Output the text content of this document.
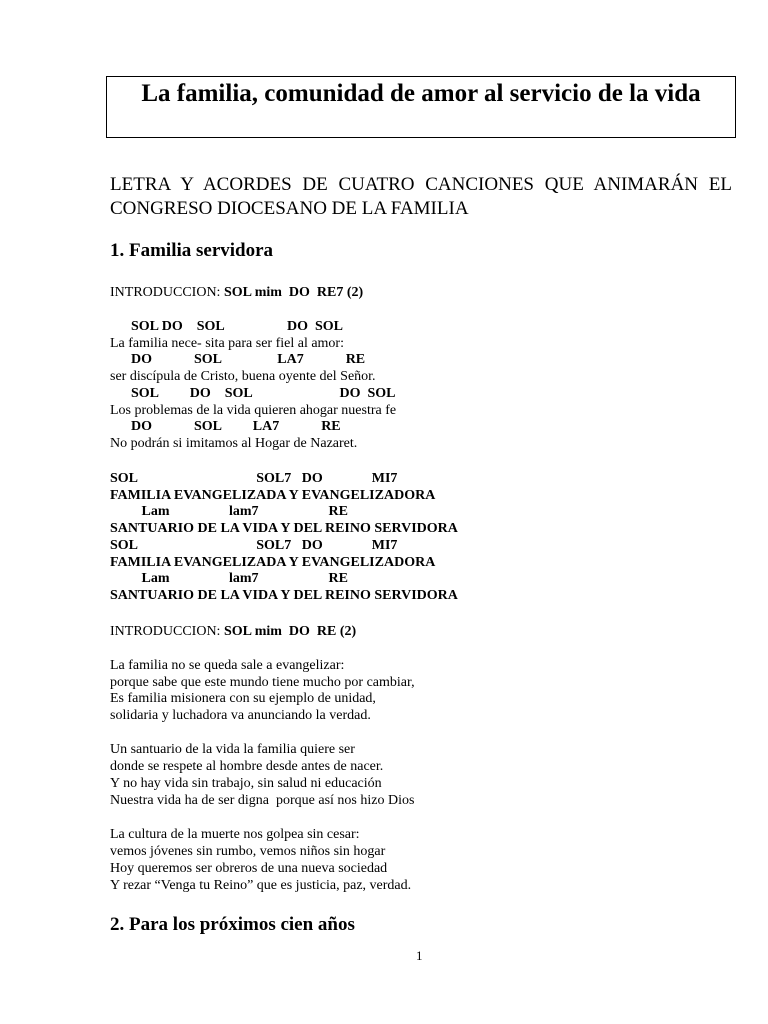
La familia, comunidad de amor al servicio de la vida
LETRA Y ACORDES DE CUATRO CANCIONES QUE ANIMARÁN EL CONGRESO DIOCESANO DE LA FAMILIA
1. Familia servidora
INTRODUCCION: SOL mim  DO  RE7 (2)
SOL DO    SOL                  DO  SOL
La familia nece- sita para ser fiel al amor:
DO            SOL                LA7            RE
ser discípula de Cristo, buena oyente del Señor.
SOL         DO    SOL                         DO  SOL
Los problemas de la vida quieren ahogar nuestra fe
DO            SOL         LA7            RE
No podrán si imitamos al Hogar de Nazaret.
SOL                                  SOL7   DO              MI7
FAMILIA EVANGELIZADA Y EVANGELIZADORA
Lam                 lam7                    RE
SANTUARIO DE LA VIDA Y DEL REINO SERVIDORA
SOL                                  SOL7   DO              MI7
FAMILIA EVANGELIZADA Y EVANGELIZADORA
Lam                 lam7                    RE
SANTUARIO DE LA VIDA Y DEL REINO SERVIDORA
INTRODUCCION: SOL mim  DO  RE (2)
La familia no se queda sale a evangelizar:
porque sabe que este mundo tiene mucho por cambiar,
Es familia misionera con su ejemplo de unidad,
solidaria y luchadora va anunciando la verdad.
Un santuario de la vida la familia quiere ser
donde se respete al hombre desde antes de nacer.
Y no hay vida sin trabajo, sin salud ni educación
Nuestra vida ha de ser digna  porque así nos hizo Dios
La cultura de la muerte nos golpea sin cesar:
vemos jóvenes sin rumbo, vemos niños sin hogar
Hoy queremos ser obreros de una nueva sociedad
Y rezar “Venga tu Reino” que es justicia, paz, verdad.
2. Para los próximos cien años
1
